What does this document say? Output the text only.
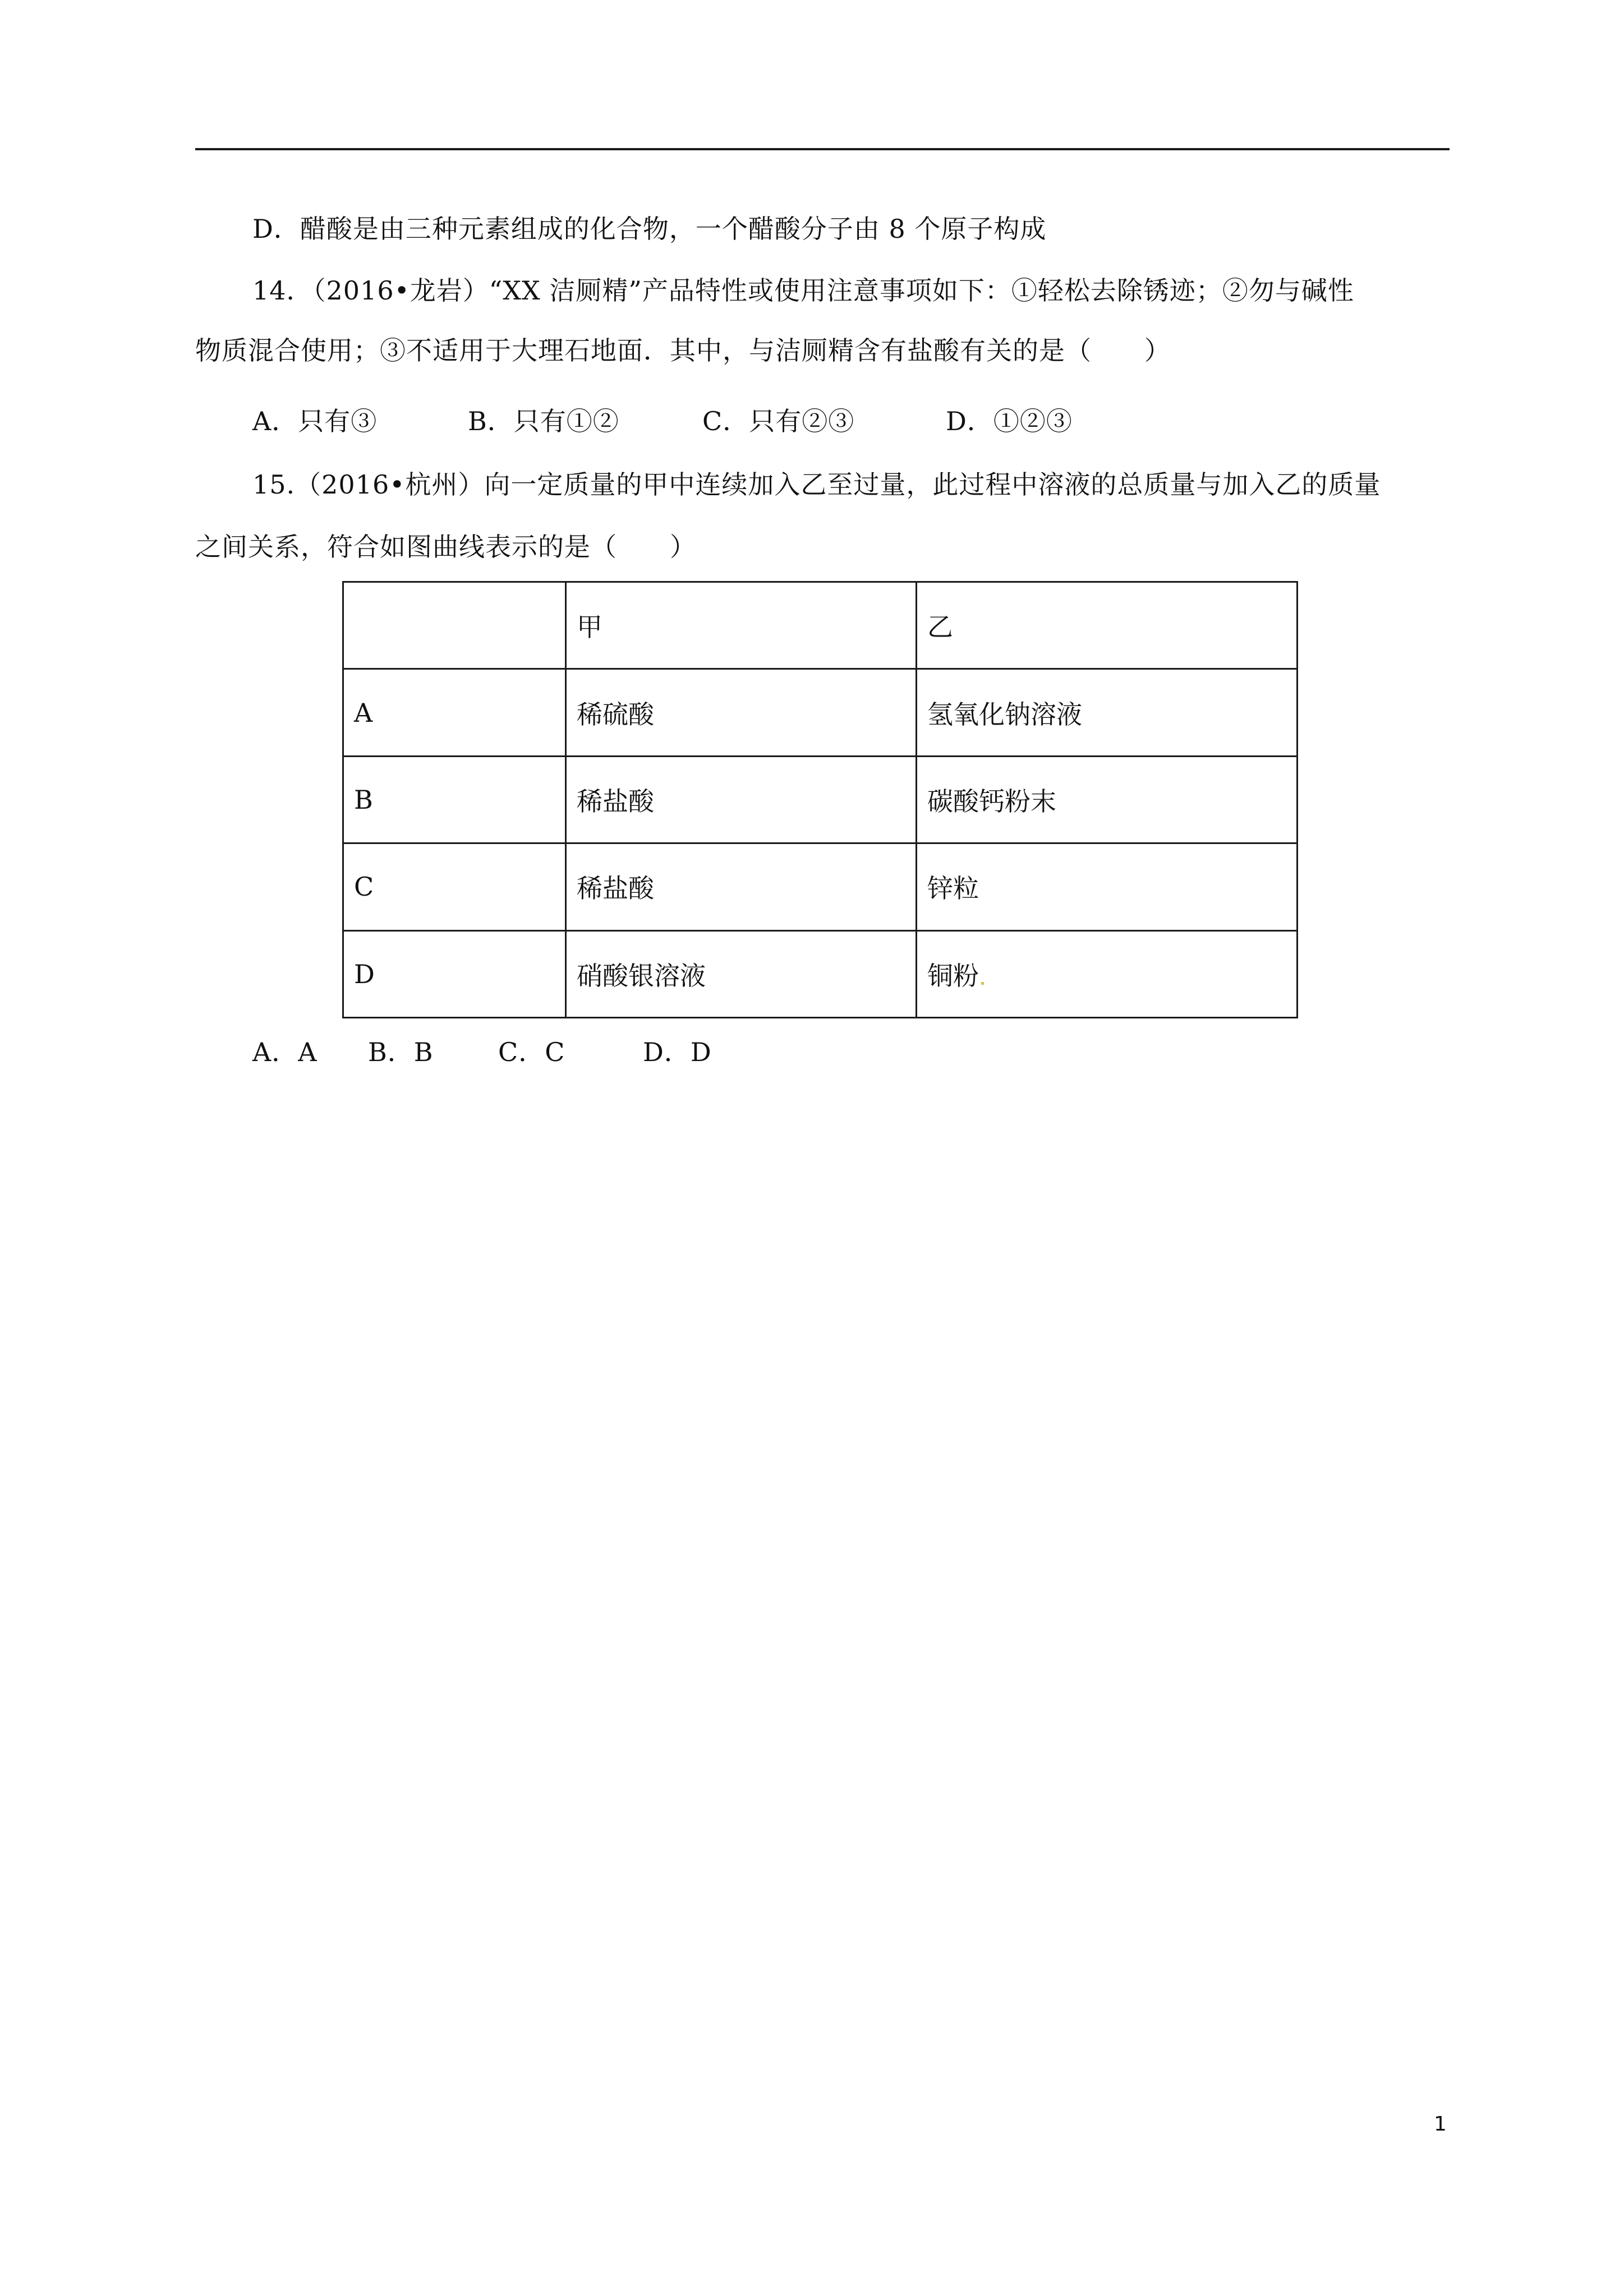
D．醋酸是由三种元素组成的化合物，一个醋酸分子由 8 个原子构成
14．（2016•龙岩）“XX 洁厕精”产品特性或使用注意事项如下：①轻松去除锈迹；②勿与碱性
物质混合使用；③不适用于大理石地面．其中，与洁厕精含有盐酸有关的是（　　）
A．只有③	B．只有①②	C．只有②③	D．①②③
15.（2016•杭州）向一定质量的甲中连续加入乙至过量，此过程中溶液的总质量与加入乙的质量
之间关系，符合如图曲线表示的是（　　）
	甲	乙
A	稀硫酸	氢氧化钠溶液
B	稀盐酸	碳酸钙粉末
C	稀盐酸	锌粒
D	硝酸银溶液	铜粉
A．A B．B	C．C	D．D
1
